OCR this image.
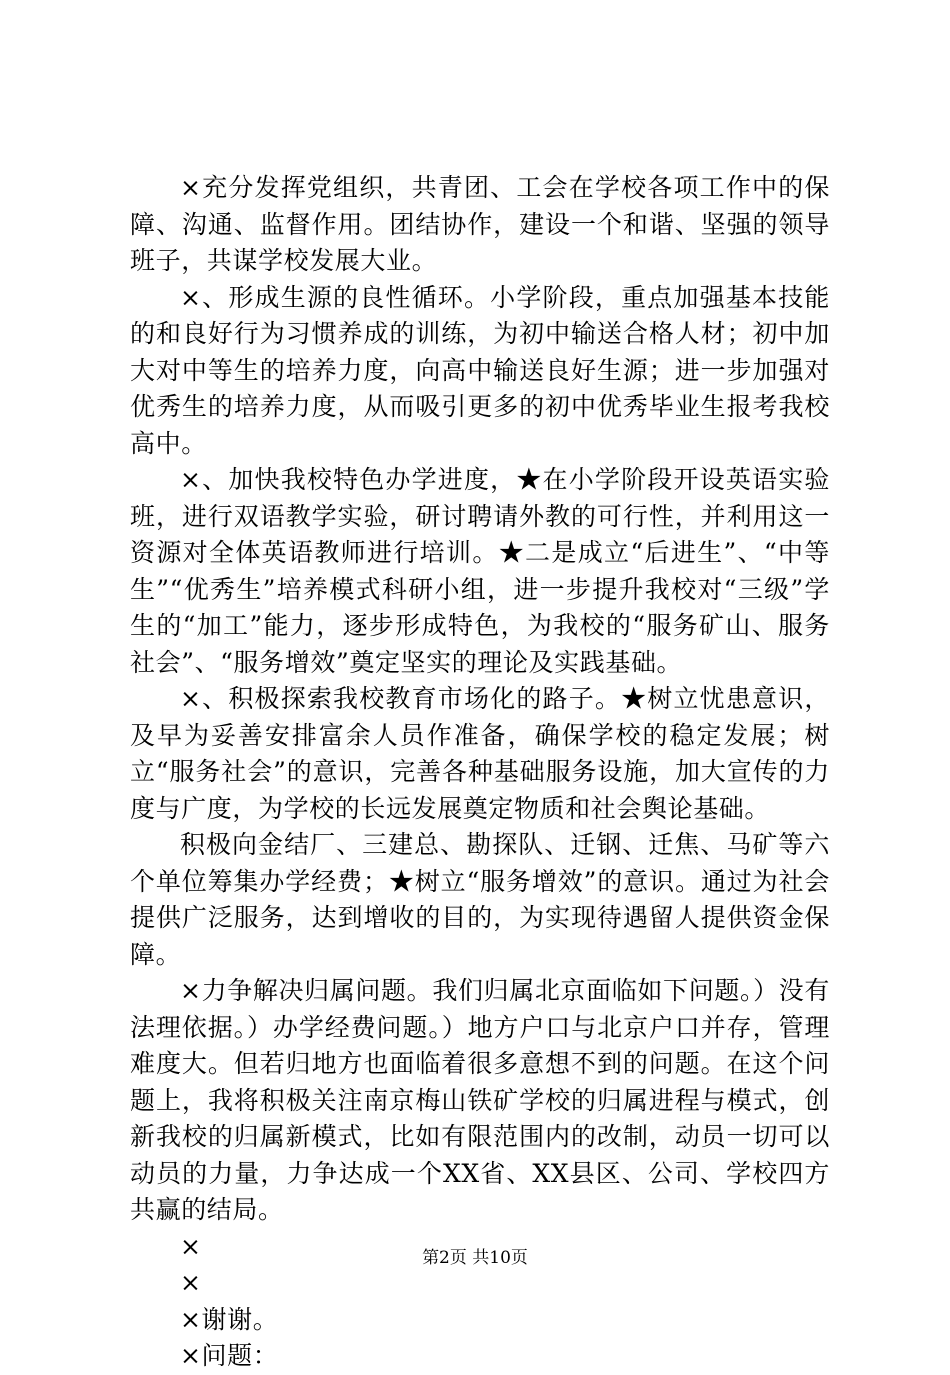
×充分发挥党组织，共青团、工会在学校各项工作中的保障、沟通、监督作用。团结协作，建设一个和谐、坚强的领导班子，共谋学校发展大业。

×、形成生源的良性循环。小学阶段，重点加强基本技能的和良好行为习惯养成的训练，为初中输送合格人材；初中加大对中等生的培养力度，向高中输送良好生源；进一步加强对优秀生的培养力度，从而吸引更多的初中优秀毕业生报考我校高中。

×、加快我校特色办学进度，★在小学阶段开设英语实验班，进行双语教学实验，研讨聘请外教的可行性，并利用这一资源对全体英语教师进行培训。★二是成立“后进生”、“中等生”“优秀生”培养模式科研小组，进一步提升我校对“三级”学生的“加工”能力，逐步形成特色，为我校的“服务矿山、服务社会”、“服务增效”奠定坚实的理论及实践基础。

×、积极探索我校教育市场化的路子。★树立忧患意识，及早为妥善安排富余人员作准备，确保学校的稳定发展；树立“服务社会”的意识，完善各种基础服务设施，加大宣传的力度与广度，为学校的长远发展奠定物质和社会舆论基础。

积极向金结厂、三建总、勘探队、迁钢、迁焦、马矿等六个单位筹集办学经费；★树立“服务增效”的意识。通过为社会提供广泛服务，达到增收的目的，为实现待遇留人提供资金保障。

×力争解决归属问题。我们归属北京面临如下问题。）没有法理依据。）办学经费问题。）地方户口与北京户口并存，管理难度大。但若归地方也面临着很多意想不到的问题。在这个问题上，我将积极关注南京梅山铁矿学校的归属进程与模式，创新我校的归属新模式，比如有限范围内的改制，动员一切可以动员的力量，力争达成一个XX省、XX县区、公司、学校四方共赢的结局。

×

×

×谢谢。

×问题：

第2页 共10页
